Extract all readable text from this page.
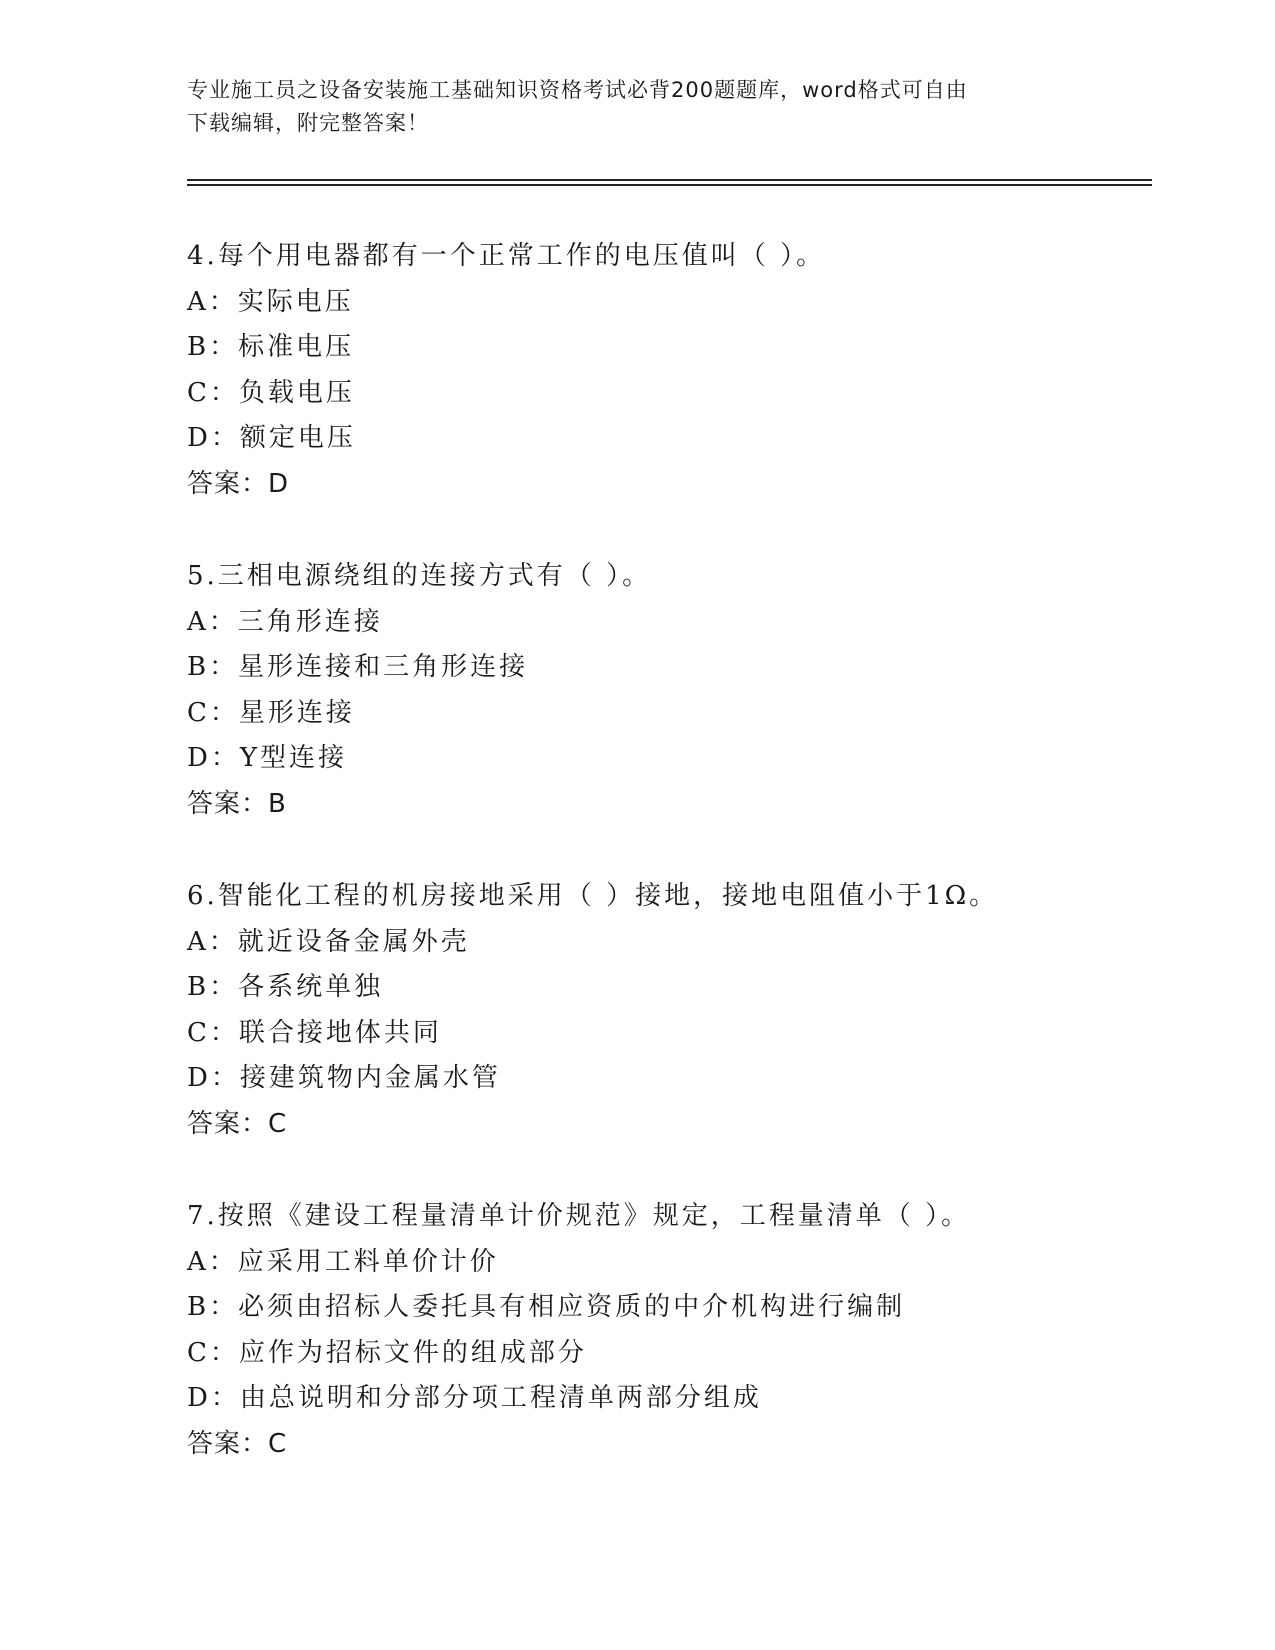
专业施工员之设备安装施工基础知识资格考试必背200题题库，word格式可自由
下载编辑，附完整答案！
4.每个用电器都有一个正常工作的电压值叫（ ）。
A：实际电压
B：标准电压
C：负载电压
D：额定电压
答案：D
5.三相电源绕组的连接方式有（ ）。
A：三角形连接
B：星形连接和三角形连接
C：星形连接
D：Y型连接
答案：B
6.智能化工程的机房接地采用（ ）接地，接地电阻值小于1Ω。
A：就近设备金属外壳
B：各系统单独
C：联合接地体共同
D：接建筑物内金属水管
答案：C
7.按照《建设工程量清单计价规范》规定，工程量清单（ ）。
A：应采用工料单价计价
B：必须由招标人委托具有相应资质的中介机构进行编制
C：应作为招标文件的组成部分
D：由总说明和分部分项工程清单两部分组成
答案：C
